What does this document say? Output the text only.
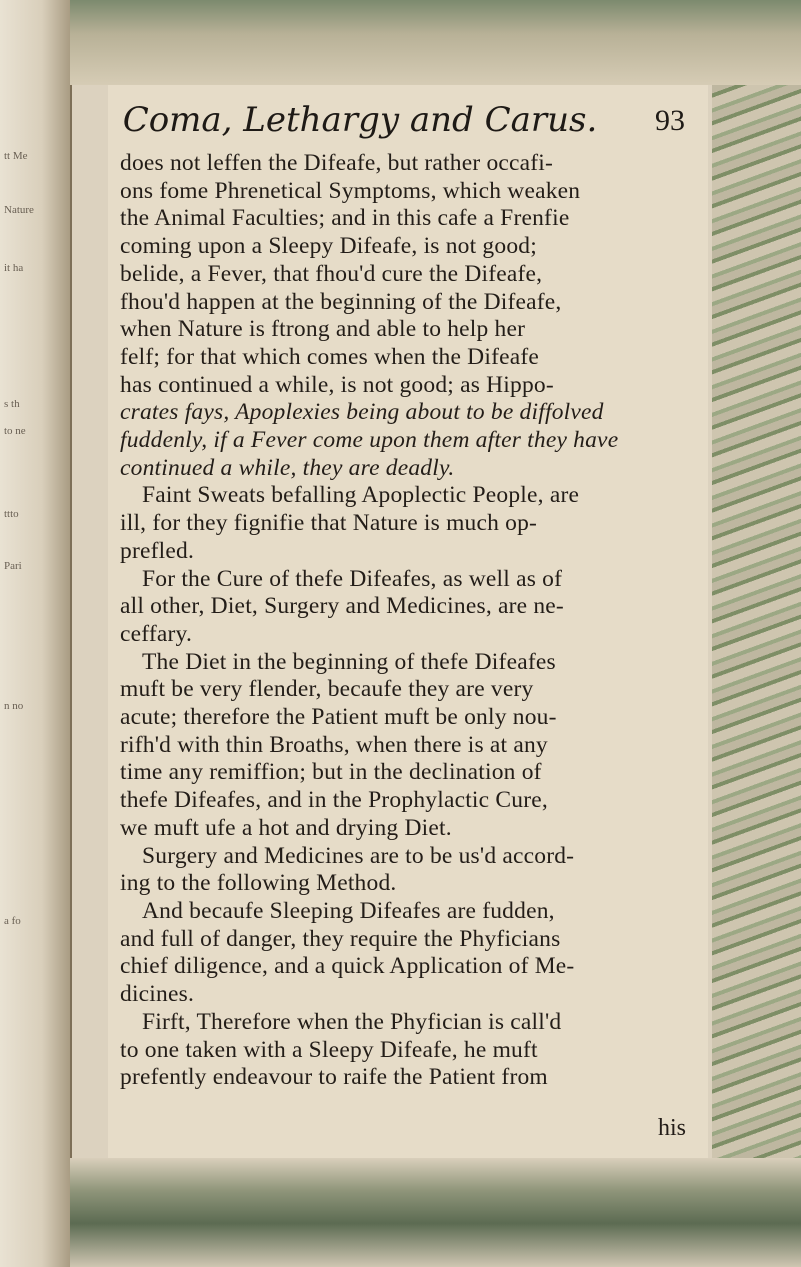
tt Me
Nature
it ha
s th
to ne
ttto
Pari
n no
a fo
Coma, Lethargy and Carus. 93
does not leffen the Difeafe, but rather occafi-
ons fome Phrenetical Symptoms, which weaken
the Animal Faculties; and in this cafe a Frenfie
coming upon a Sleepy Difeafe, is not good;
belide, a Fever, that fhou'd cure the Difeafe,
fhou'd happen at the beginning of the Difeafe,
when Nature is ftrong and able to help her
felf; for that which comes when the Difeafe
has continued a while, is not good; as Hippo-
crates fays, Apoplexies being about to be diffolved
fuddenly, if a Fever come upon them after they have
continued a while, they are deadly.
Faint Sweats befalling Apoplectic People, are
ill, for they fignifie that Nature is much op-
prefled.
For the Cure of thefe Difeafes, as well as of
all other, Diet, Surgery and Medicines, are ne-
ceffary.
The Diet in the beginning of thefe Difeafes
muft be very flender, becaufe they are very
acute; therefore the Patient muft be only nou-
rifh'd with thin Broaths, when there is at any
time any remiffion; but in the declination of
thefe Difeafes, and in the Prophylactic Cure,
we muft ufe a hot and drying Diet.
Surgery and Medicines are to be us'd accord-
ing to the following Method.
And becaufe Sleeping Difeafes are fudden,
and full of danger, they require the Phyficians
chief diligence, and a quick Application of Me-
dicines.
Firft, Therefore when the Phyfician is call'd
to one taken with a Sleepy Difeafe, he muft
prefently endeavour to raife the Patient from
his
